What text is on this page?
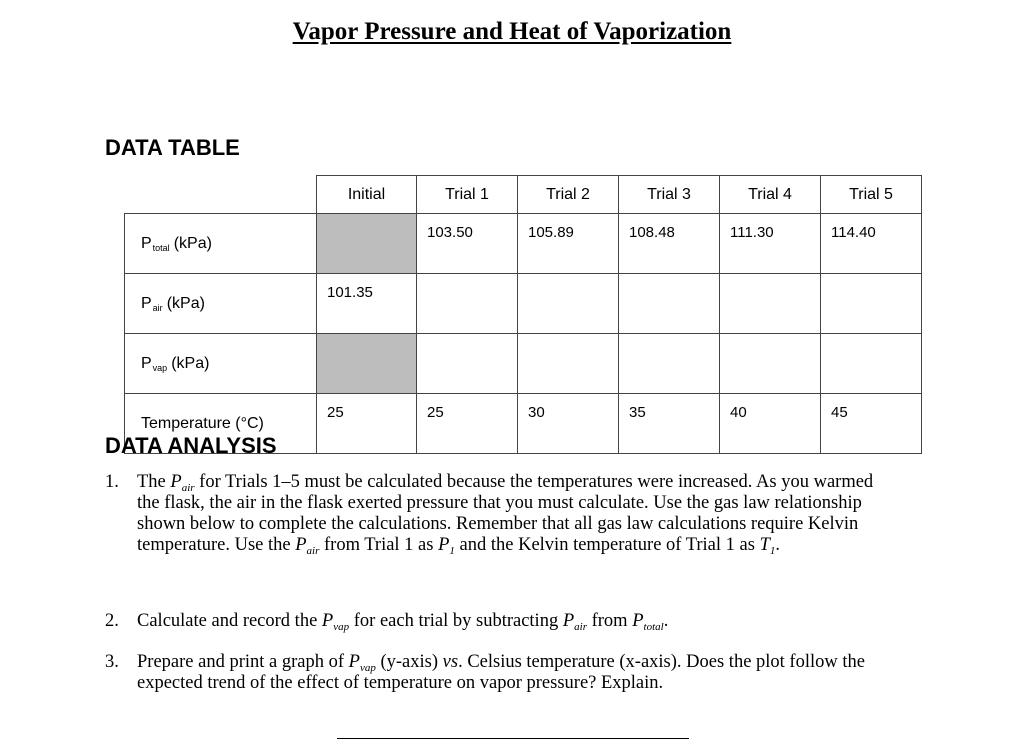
Vapor Pressure and Heat of Vaporization
DATA TABLE
	Initial	Trial 1	Trial 2	Trial 3	Trial 4	Trial 5
$P_{total}$ (kPa)		103.50	105.89	108.48	111.30	114.40
$P_{air}$ (kPa)	101.35					
$P_{vap}$ (kPa)						
Temperature (°C)	25	25	30	35	40	45
DATA ANALYSIS
1. The $P_{air}$ for Trials 1–5 must be calculated because the temperatures were increased. As you warmed the flask, the air in the flask exerted pressure that you must calculate. Use the gas law relationship shown below to complete the calculations. Remember that all gas law calculations require Kelvin temperature. Use the $P_{air}$ from Trial 1 as $P_1$ and the Kelvin temperature of Trial 1 as $T_1$.
2. Calculate and record the $P_{vap}$ for each trial by subtracting $P_{air}$ from $P_{total}$.
3. Prepare and print a graph of $P_{vap}$ (y-axis) vs. Celsius temperature (x-axis). Does the plot follow the expected trend of the effect of temperature on vapor pressure? Explain.
